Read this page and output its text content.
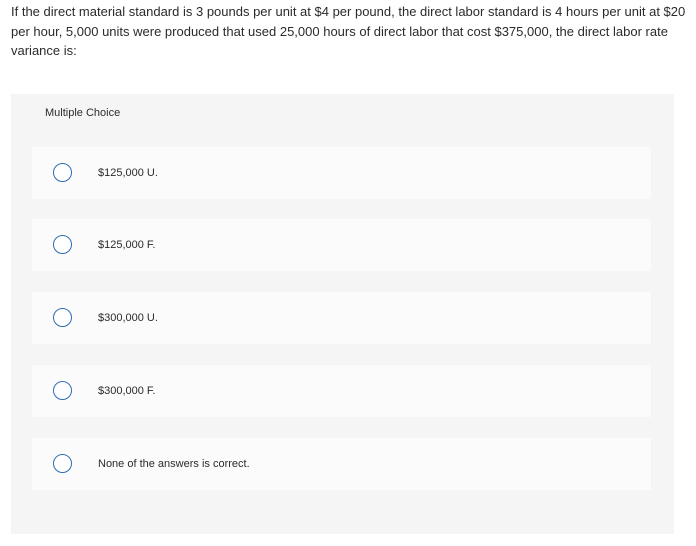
If the direct material standard is 3 pounds per unit at $4 per pound, the direct labor standard is 4 hours per unit at $20 per hour, 5,000 units were produced that used 25,000 hours of direct labor that cost $375,000, the direct labor rate variance is:
Multiple Choice
$125,000 U.
$125,000 F.
$300,000 U.
$300,000 F.
None of the answers is correct.
